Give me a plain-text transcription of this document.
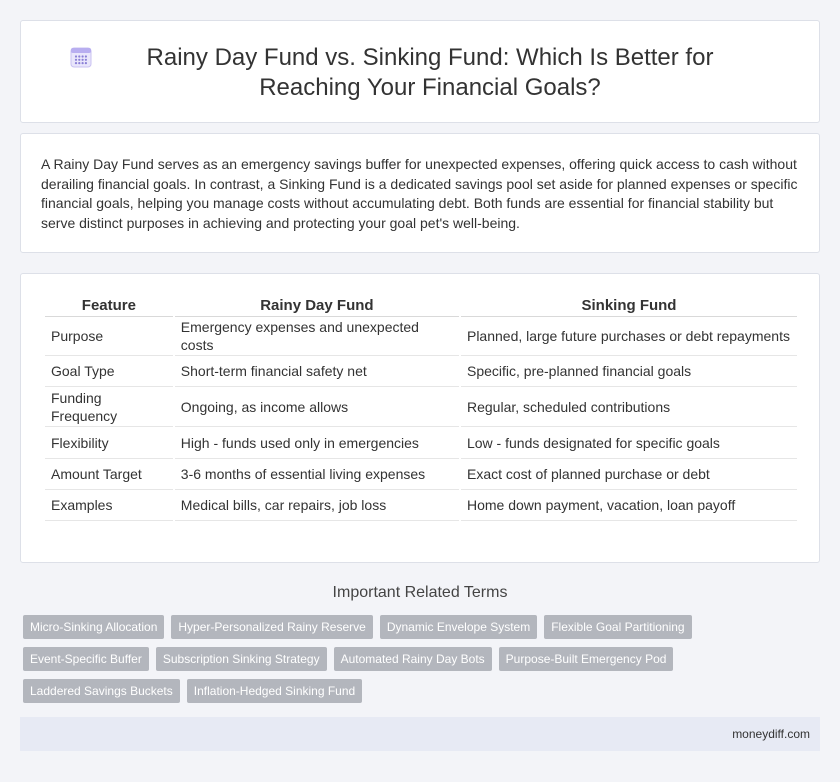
Rainy Day Fund vs. Sinking Fund: Which Is Better for Reaching Your Financial Goals?

A Rainy Day Fund serves as an emergency savings buffer for unexpected expenses, offering quick access to cash without derailing financial goals. In contrast, a Sinking Fund is a dedicated savings pool set aside for planned expenses or specific financial goals, helping you manage costs without accumulating debt. Both funds are essential for financial stability but serve distinct purposes in achieving and protecting your goal pet's well-being.

Feature	Rainy Day Fund	Sinking Fund
Purpose	Emergency expenses and unexpected costs	Planned, large future purchases or debt repayments
Goal Type	Short-term financial safety net	Specific, pre-planned financial goals
Funding Frequency	Ongoing, as income allows	Regular, scheduled contributions
Flexibility	High - funds used only in emergencies	Low - funds designated for specific goals
Amount Target	3-6 months of essential living expenses	Exact cost of planned purchase or debt
Examples	Medical bills, car repairs, job loss	Home down payment, vacation, loan payoff
Important Related Terms
Micro-Sinking Allocation	Hyper-Personalized Rainy Reserve	Dynamic Envelope System	Flexible Goal Partitioning
Event-Specific Buffer	Subscription Sinking Strategy	Automated Rainy Day Bots	Purpose-Built Emergency Pod
Laddered Savings Buckets	Inflation-Hedged Sinking Fund
moneydiff.com
